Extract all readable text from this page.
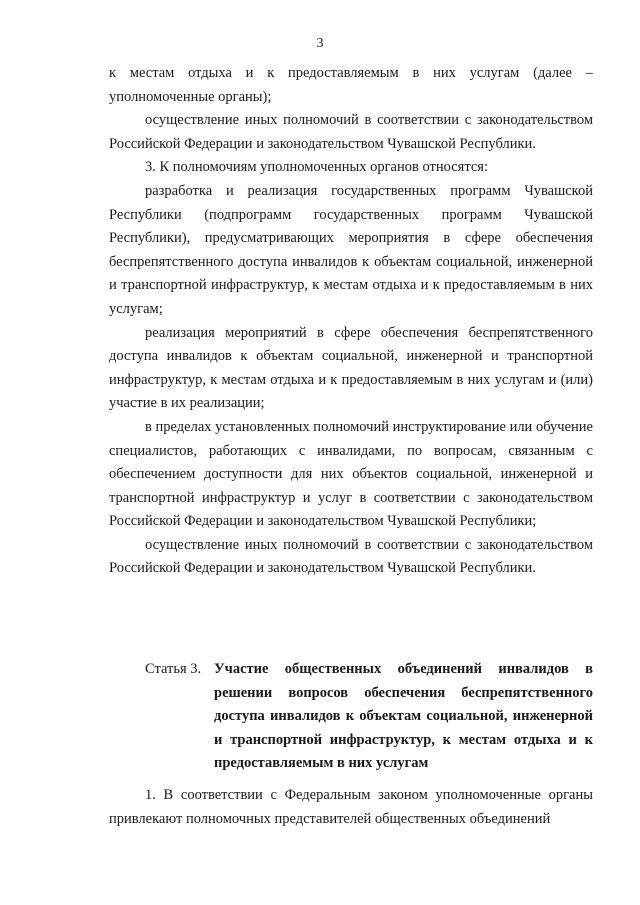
3

к местам отдыха и к предоставляемым в них услугам (далее – уполномоченные органы);

осуществление иных полномочий в соответствии с законодательством Российской Федерации и законодательством Чувашской Республики.

3. К полномочиям уполномоченных органов относятся:

разработка и реализация государственных программ Чувашской Республики (подпрограмм государственных программ Чувашской Республики), предусматривающих мероприятия в сфере обеспечения беспрепятственного доступа инвалидов к объектам социальной, инженерной и транспортной инфраструктур, к местам отдыха и к предоставляемым в них услугам;

реализация мероприятий в сфере обеспечения беспрепятственного доступа инвалидов к объектам социальной, инженерной и транспортной инфраструктур, к местам отдыха и к предоставляемым в них услугам и (или) участие в их реализации;

в пределах установленных полномочий инструктирование или обучение специалистов, работающих с инвалидами, по вопросам, связанным с обеспечением доступности для них объектов социальной, инженерной и транспортной инфраструктур и услуг в соответствии с законодательством Российской Федерации и законодательством Чувашской Республики;

осуществление иных полномочий в соответствии с законодательством Российской Федерации и законодательством Чувашской Республики.

Статья 3. Участие общественных объединений инвалидов в решении вопросов обеспечения беспрепятственного доступа инвалидов к объектам социальной, инженерной и транспортной инфраструктур, к местам отдыха и к предоставляемым в них услугам

1. В соответствии с Федеральным законом уполномоченные органы привлекают полномочных представителей общественных объединений
